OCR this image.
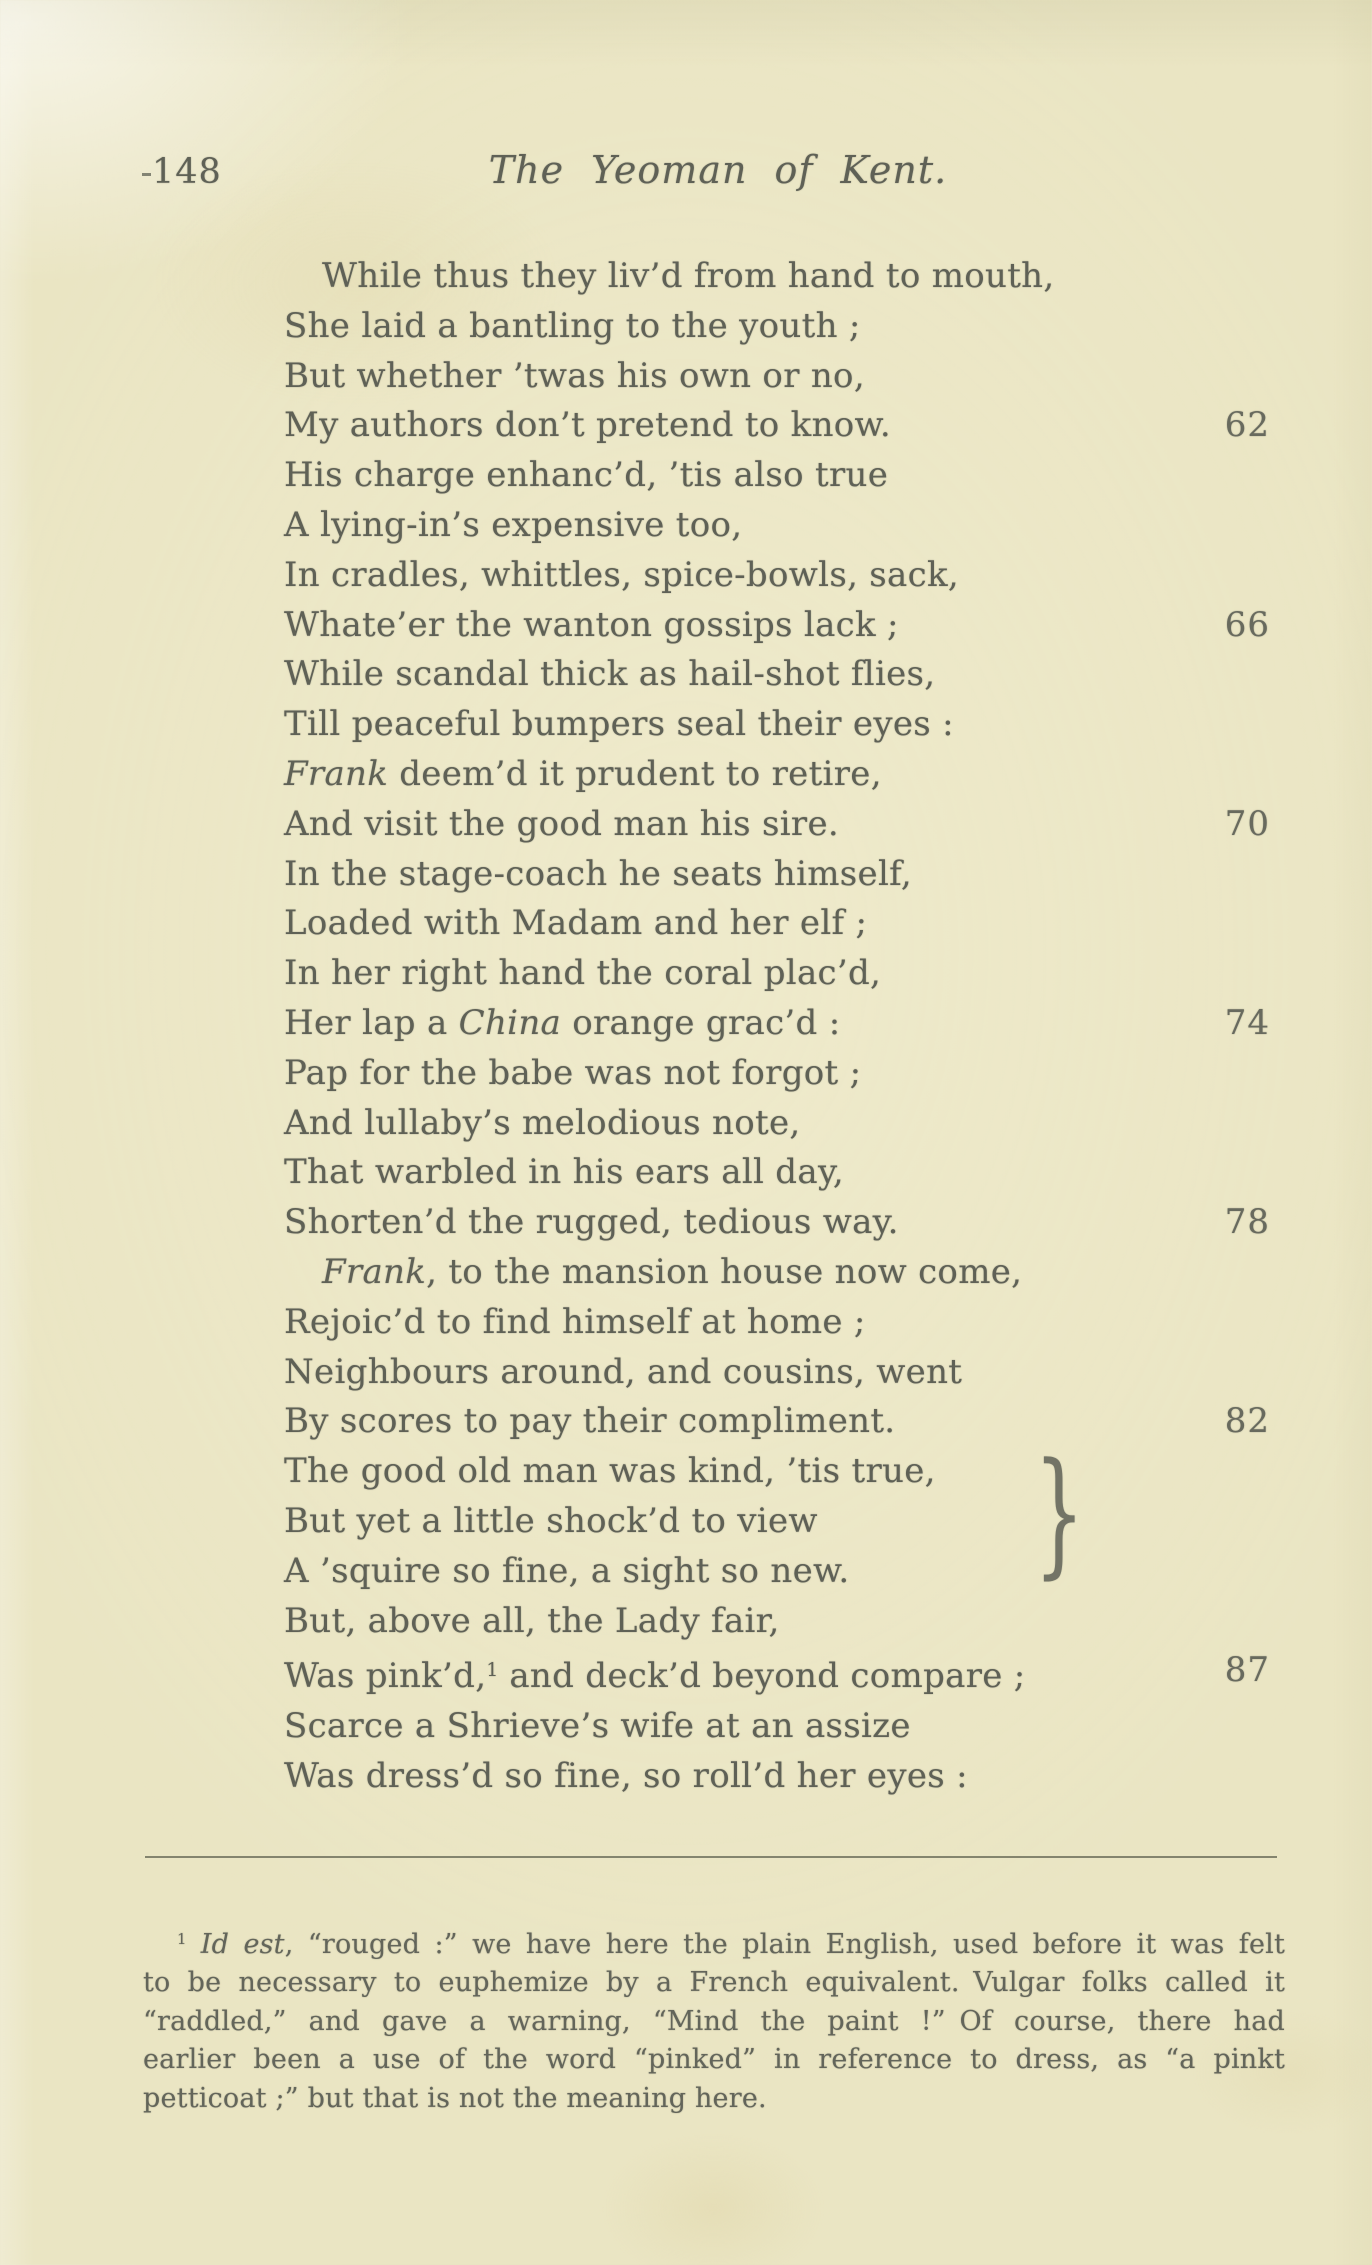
148	The Yeoman of Kent.
While thus they liv’d from hand to mouth,
She laid a bantling to the youth ;
But whether ’twas his own or no,
My authors don’t pretend to know.	62
His charge enhanc’d, ’tis also true
A lying-in’s expensive too,
In cradles, whittles, spice-bowls, sack,
Whate’er the wanton gossips lack ;	66
While scandal thick as hail-shot flies,
Till peaceful bumpers seal their eyes :
Frank deem’d it prudent to retire,
And visit the good man his sire.	70
In the stage-coach he seats himself,
Loaded with Madam and her elf ;
In her right hand the coral plac’d,
Her lap a China orange grac’d :	74
Pap for the babe was not forgot ;
And lullaby’s melodious note,
That warbled in his ears all day,
Shorten’d the rugged, tedious way.	78
Frank, to the mansion house now come,
Rejoic’d to find himself at home ;
Neighbours around, and cousins, went
By scores to pay their compliment.	82
The good old man was kind, ’tis true,
But yet a little shock’d to view
A ’squire so fine, a sight so new.
But, above all, the Lady fair,
Was pink’d,$^1$ and deck’d beyond compare ;	87
Scarce a Shrieve’s wife at an assize
Was dress’d so fine, so roll’d her eyes :
}
$^1$ Id est, “rouged :” we have here the plain English, used before it was felt
to be necessary to euphemize by a French equivalent. Vulgar folks called it
“raddled,” and gave a warning, “Mind the paint !” Of course, there had
earlier been a use of the word “pinked” in reference to dress, as “a pinkt
petticoat ;” but that is not the meaning here.
